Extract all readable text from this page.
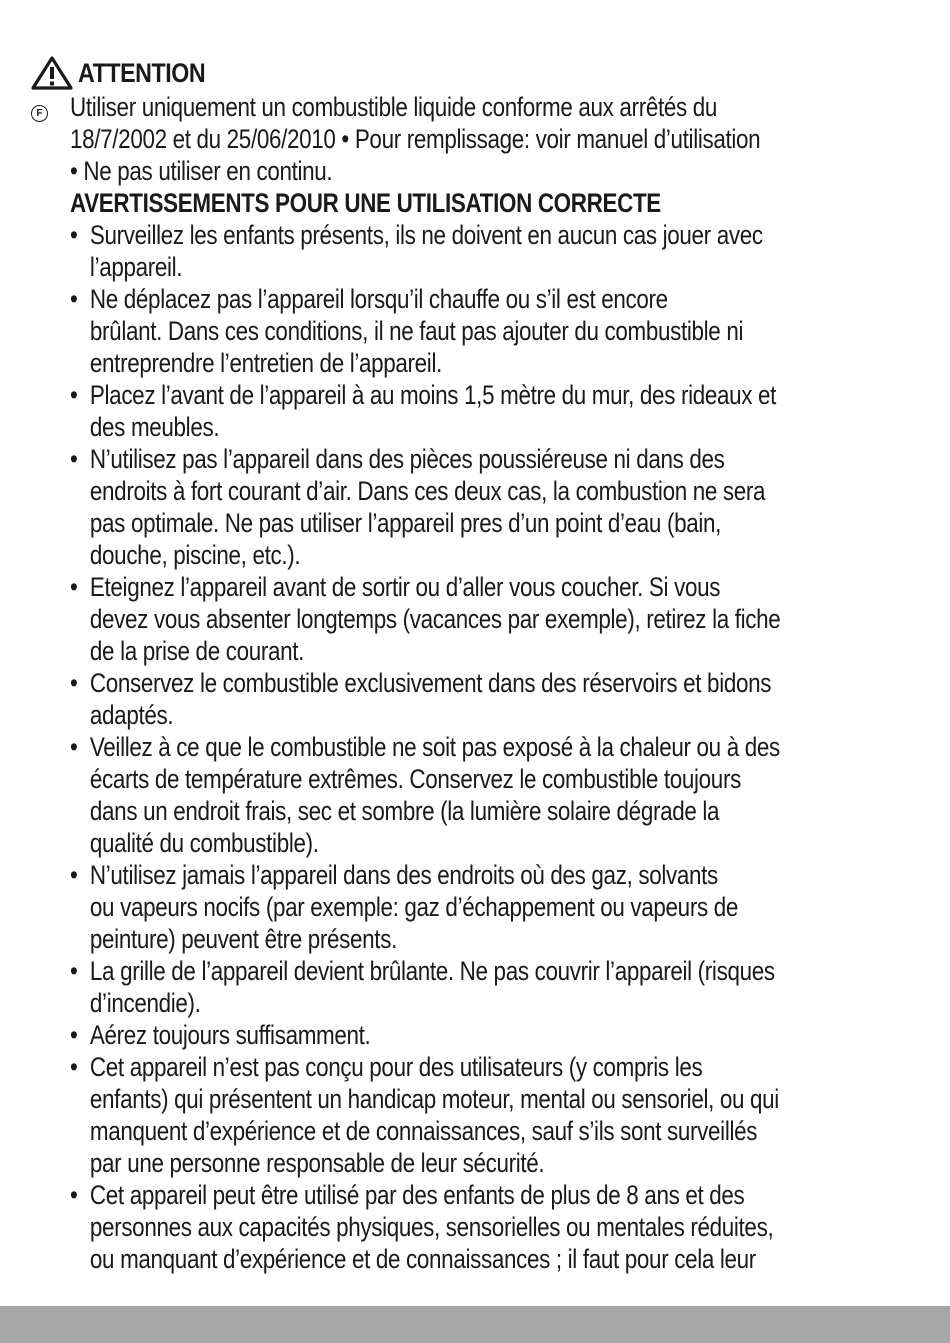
ATTENTION
F Utiliser uniquement un combustible liquide conforme aux arrêtés du

18/7/2002 et du 25/06/2010 • Pour remplissage: voir manuel d’utilisation

• Ne pas utiliser en continu.

AVERTISSEMENTS POUR UNE UTILISATION CORRECTE

• Surveillez les enfants présents, ils ne doivent en aucun cas jouer avec
l’appareil.
• Ne déplacez pas l’appareil lorsqu’il chauffe ou s’il est encore
brûlant. Dans ces conditions, il ne faut pas ajouter du combustible ni
entreprendre l’entretien de l’appareil.
• Placez l’avant de l’appareil à au moins 1,5 mètre du mur, des rideaux et
des meubles.
• N’utilisez pas l’appareil dans des pièces poussiéreuse ni dans des
endroits à fort courant d’air. Dans ces deux cas, la combustion ne sera
pas optimale. Ne pas utiliser l’appareil pres d’un point d’eau (bain,
douche, piscine, etc.).
• Eteignez l’appareil avant de sortir ou d’aller vous coucher. Si vous
devez vous absenter longtemps (vacances par exemple), retirez la fiche
de la prise de courant.
• Conservez le combustible exclusivement dans des réservoirs et bidons
adaptés.
• Veillez à ce que le combustible ne soit pas exposé à la chaleur ou à des
écarts de température extrêmes. Conservez le combustible toujours
dans un endroit frais, sec et sombre (la lumière solaire dégrade la
qualité du combustible).
• N’utilisez jamais l’appareil dans des endroits où des gaz, solvants
ou vapeurs nocifs (par exemple: gaz d’échappement ou vapeurs de
peinture) peuvent être présents.
• La grille de l’appareil devient brûlante. Ne pas couvrir l’appareil (risques
d’incendie).
• Aérez toujours suffisamment.
• Cet appareil n’est pas conçu pour des utilisateurs (y compris les
enfants) qui présentent un handicap moteur, mental ou sensoriel, ou qui
manquent d’expérience et de connaissances, sauf s’ils sont surveillés
par une personne responsable de leur sécurité.
• Cet appareil peut être utilisé par des enfants de plus de 8 ans et des
personnes aux capacités physiques, sensorielles ou mentales réduites,
ou manquant d’expérience et de connaissances ; il faut pour cela leur
